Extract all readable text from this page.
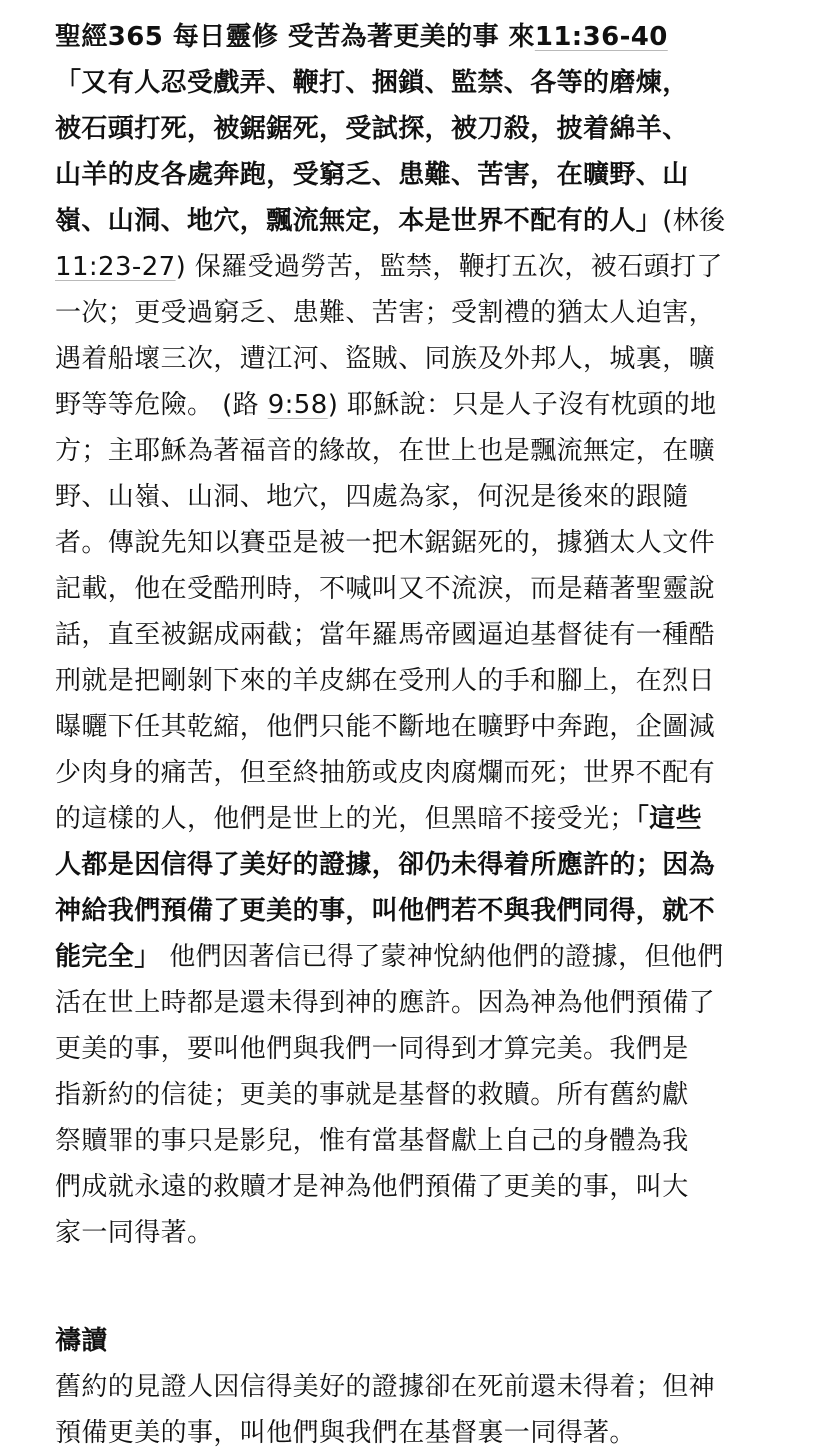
聖經365 每日靈修 受苦為著更美的事 來11:36-40
「又有人忍受戲弄、鞭打、捆鎖、監禁、各等的磨煉，
被石頭打死，被鋸鋸死，受試探，被刀殺，披着綿羊、
山羊的皮各處奔跑，受窮乏、患難、苦害，在曠野、山
嶺、山洞、地穴，飄流無定，本是世界不配有的人」(林後
11:23-27) 保羅受過勞苦，監禁，鞭打五次，被石頭打了
一次；更受過窮乏、患難、苦害；受割禮的猶太人迫害，
遇着船壞三次，遭江河、盜賊、同族及外邦人，城裏，曠
野等等危險。 (路 9:58) 耶穌說：只是人子沒有枕頭的地
方；主耶穌為著福音的緣故，在世上也是飄流無定，在曠
野、山嶺、山洞、地穴，四處為家，何況是後來的跟隨
者。傳說先知以賽亞是被一把木鋸鋸死的，據猶太人文件
記載，他在受酷刑時，不喊叫又不流淚，而是藉著聖靈說
話，直至被鋸成兩截；當年羅馬帝國逼迫基督徒有一種酷
刑就是把剛剝下來的羊皮綁在受刑人的手和腳上，在烈日
曝曬下任其乾縮，他們只能不斷地在曠野中奔跑，企圖減
少肉身的痛苦，但至終抽筋或皮肉腐爛而死；世界不配有
的這樣的人，他們是世上的光，但黑暗不接受光；「這些
人都是因信得了美好的證據，卻仍未得着所應許的；因為
神給我們預備了更美的事，叫他們若不與我們同得，就不
能完全」 他們因著信已得了蒙神悅納他們的證據，但他們
活在世上時都是還未得到神的應許。因為神為他們預備了
更美的事，要叫他們與我們一同得到才算完美。我們是
指新約的信徒；更美的事就是基督的救贖。所有舊約獻
祭贖罪的事只是影兒，惟有當基督獻上自己的身體為我
們成就永遠的救贖才是神為他們預備了更美的事，叫大
家一同得著。
禱讀
舊約的見證人因信得美好的證據卻在死前還未得着；但神
預備更美的事，叫他們與我們在基督裏一同得著。
